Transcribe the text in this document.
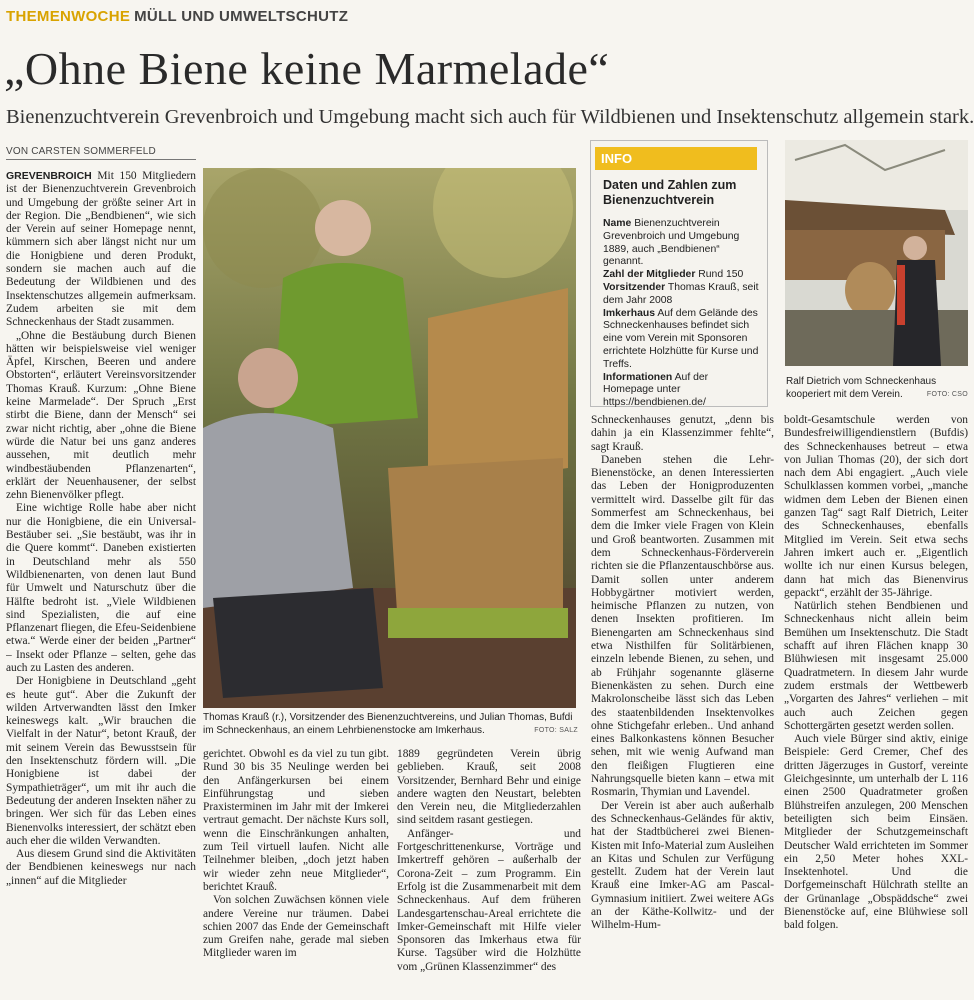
THEMENWOCHE MÜLL UND UMWELTSCHUTZ
„Ohne Biene keine Marmelade“
Bienenzuchtverein Grevenbroich und Umgebung macht sich auch für Wildbienen und Insektenschutz allgemein stark.
VON CARSTEN SOMMERFELD

GREVENBROICH Mit 150 Mitgliedern ist der Bienenzuchtverein Grevenbroich und Umgebung der größte seiner Art in der Region. Die „Bendbienen“, wie sich der Verein auf seiner Homepage nennt, kümmern sich aber längst nicht nur um die Honigbiene und deren Produkt, sondern sie machen auch auf die Bedeutung der Wildbienen und des Insektenschutzes allgemein aufmerksam. Zudem arbeiten sie mit dem Schneckenhaus der Stadt zusammen.

„Ohne die Bestäubung durch Bienen hätten wir beispielsweise viel weniger Äpfel, Kirschen, Beeren und andere Obstorten“, erläutert Vereinsvorsitzender Thomas Krauß. Kurzum: „Ohne Biene keine Marmelade“. Der Spruch „Erst stirbt die Biene, dann der Mensch“ sei zwar nicht richtig, aber „ohne die Biene würde die Natur bei uns ganz anderes aussehen, mit deutlich mehr windbestäubenden Pflanzenarten“, erklärt der Neuenhausener, der selbst zehn Bienenvölker pflegt.

Eine wichtige Rolle habe aber nicht nur die Honigbiene, die ein Universal-Bestäuber sei. „Sie bestäubt, was ihr in die Quere kommt“. Daneben existierten in Deutschland mehr als 550 Wildbienenarten, von denen laut Bund für Umwelt und Naturschutz über die Hälfte bedroht ist. „Viele Wildbienen sind Spezialisten, die auf eine Pflanzenart fliegen, die Efeu-Seidenbiene etwa.“ Werde einer der beiden „Partner“ – Insekt oder Pflanze – selten, gehe das auch zu Lasten des anderen.

Der Honigbiene in Deutschland „geht es heute gut“. Aber die Zukunft der wilden Artverwandten lässt den Imker keineswegs kalt. „Wir brauchen die Vielfalt in der Natur“, betont Krauß, der mit seinem Verein das Bewusstsein für den Insektenschutz fördern will. „Die Honigbiene ist dabei der Sympathieträger“, um mit ihr auch die Bedeutung der anderen Insekten näher zu bringen. Wer sich für das Leben eines Bienenvolks interessiert, der schätzt eben auch eher die wilden Verwandten.

Aus diesem Grund sind die Aktivitäten der Bendbienen keineswegs nur nach „innen“ auf die Mitglieder

Thomas Krauß (r.), Vorsitzender des Bienenzuchtvereins, und Julian Thomas, Bufdi im Schneckenhaus, an einem Lehrbienenstocke am Imkerhaus.	FOTO: SALZ
INFO
Daten und Zahlen zum Bienenzuchtverein

Name Bienenzuchtverein Grevenbroich und Umgebung 1889, auch „Bendbienen“ genannt.

Zahl der Mitglieder Rund 150

Vorsitzender Thomas Krauß, seit dem Jahr 2008

Imkerhaus Auf dem Gelände des Schneckenhauses befindet sich eine vom Verein mit Sponsoren errichtete Holzhütte für Kurse und Treffs.

Informationen Auf der Homepage unter https://bendbienen.de/

Ralf Dietrich vom Schneckenhaus kooperiert mit dem Verein.	FOTO: CSO

gerichtet. Obwohl es da viel zu tun gibt. Rund 30 bis 35 Neulinge werden bei den Anfängerkursen bei einem Einführungstag und sieben Praxisterminen im Jahr mit der Imkerei vertraut gemacht. Der nächste Kurs soll, wenn die Einschränkungen anhalten, zum Teil virtuell laufen. Nicht alle Teilnehmer bleiben, „doch jetzt haben wir wieder zehn neue Mitglieder“, berichtet Krauß.

Von solchen Zuwächsen können viele andere Vereine nur träumen. Dabei schien 2007 das Ende der Gemeinschaft zum Greifen nahe, gerade mal sieben Mitglieder waren im

1889 gegründeten Verein übrig geblieben. Krauß, seit 2008 Vorsitzender, Bernhard Behr und einige andere wagten den Neustart, belebten den Verein neu, die Mitgliederzahlen sind seitdem rasant gestiegen.

Anfänger- und Fortgeschrittenenkurse, Vorträge und Imkertreff gehören – außerhalb der Corona-Zeit – zum Programm. Ein Erfolg ist die Zusammenarbeit mit dem Schneckenhaus. Auf dem früheren Landesgartenschau-Areal errichtete die Imker-Gemeinschaft mit Hilfe vieler Sponsoren das Imkerhaus etwa für Kurse. Tagsüber wird die Holzhütte vom „Grünen Klassenzimmer“ des

Schneckenhauses genutzt, „denn bis dahin ja ein Klassenzimmer fehlte“, sagt Krauß.

Daneben stehen die Lehr-Bienenstöcke, an denen Interessierten das Leben der Honigproduzenten vermittelt wird. Dasselbe gilt für das Sommerfest am Schneckenhaus, bei dem die Imker viele Fragen von Klein und Groß beantworten. Zusammen mit dem Schneckenhaus-Förderverein richten sie die Pflanzentauschbörse aus. Damit sollen unter anderem Hobbygärtner motiviert werden, heimische Pflanzen zu nutzen, von denen Insekten profitieren. Im Bienengarten am Schneckenhaus sind etwa Nisthilfen für Solitärbienen, einzeln lebende Bienen, zu sehen, und ab Frühjahr sogenannte gläserne Bienenkästen zu sehen. Durch eine Makrolonscheibe lässt sich das Leben des staatenbildenden Insektenvolkes ohne Stichgefahr erleben.. Und anhand eines Balkonkastens können Besucher sehen, mit wie wenig Aufwand man den fleißigen Flugtieren eine Nahrungsquelle bieten kann – etwa mit Rosmarin, Thymian und Lavendel.

Der Verein ist aber auch außerhalb des Schneckenhaus-Geländes für aktiv, hat der Stadtbücherei zwei Bienen-Kisten mit Info-Material zum Ausleihen an Kitas und Schulen zur Verfügung gestellt. Zudem hat der Verein laut Krauß eine Imker-AG am Pascal-Gymnasium initiiert. Zwei weitere AGs an der Käthe-Kollwitz- und der Wilhelm-Hum-

boldt-Gesamtschule werden von Bundesfreiwilligendienstlern (Bufdis) des Schneckenhauses betreut – etwa von Julian Thomas (20), der sich dort nach dem Abi engagiert. „Auch viele Schulklassen kommen vorbei, „manche widmen dem Leben der Bienen einen ganzen Tag“ sagt Ralf Dietrich, Leiter des Schneckenhauses, ebenfalls Mitglied im Verein. Seit etwa sechs Jahren imkert auch er. „Eigentlich wollte ich nur einen Kursus belegen, dann hat mich das Bienenvirus gepackt“, erzählt der 35-Jährige.

Natürlich stehen Bendbienen und Schneckenhaus nicht allein beim Bemühen um Insektenschutz. Die Stadt schafft auf ihren Flächen knapp 30 Blühwiesen mit insgesamt 25.000 Quadratmetern. In diesem Jahr wurde zudem erstmals der Wettbewerb „Vorgarten des Jahres“ verliehen – mit auch auch Zeichen gegen Schottergärten gesetzt werden sollen.

Auch viele Bürger sind aktiv, einige Beispiele: Gerd Cremer, Chef des dritten Jägerzuges in Gustorf, vereinte Gleichgesinnte, um unterhalb der L 116 einen 2500 Quadratmeter großen Blühstreifen anzulegen, 200 Menschen beteiligten sich beim Einsäen. Mitglieder der Schutzgemeinschaft Deutscher Wald errichteten im Sommer ein 2,50 Meter hohes XXL-Insektenhotel. Und die Dorfgemeinschaft Hülchrath stellte an der Grünanlage „Obspäddsche“ zwei Bienenstöcke auf, eine Blühwiese soll bald folgen.
